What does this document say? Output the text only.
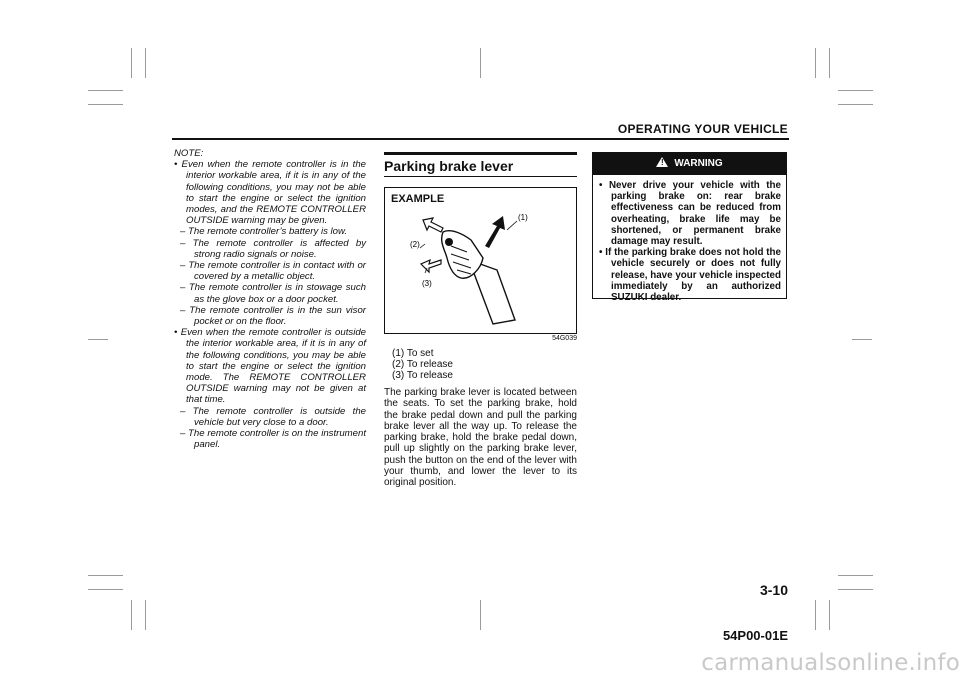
OPERATING YOUR VEHICLE

NOTE:

• Even when the remote controller is in the interior workable area, if it is in any of the following conditions, you may not be able to start the engine or select the ignition modes, and the REMOTE CONTROLLER OUTSIDE warning may be given.

– The remote controller’s battery is low.

– The remote controller is affected by strong radio signals or noise.

– The remote controller is in contact with or covered by a metallic object.

– The remote controller is in stowage such as the glove box or a door pocket.

– The remote controller is in the sun visor pocket or on the floor.

• Even when the remote controller is outside the interior workable area, if it is in any of the following conditions, you may be able to start the engine or select the ignition mode. The REMOTE CONTROLLER OUTSIDE warning may not be given at that time.

– The remote controller is outside the vehicle but very close to a door.

– The remote controller is on the instrument panel.

Parking brake lever
EXAMPLE
(1)
(2)
(3)
54G039
(1) To set
(2) To release
(3) To release
The parking brake lever is located between the seats. To set the parking brake, hold the brake pedal down and pull the parking brake lever all the way up. To release the parking brake, hold the brake pedal down, pull up slightly on the parking brake lever, push the button on the end of the lever with your thumb, and lower the lever to its original position.
! WARNING

• Never drive your vehicle with the parking brake on: rear brake effectiveness can be reduced from overheating, brake life may be shortened, or permanent brake damage may result.

• If the parking brake does not hold the vehicle securely or does not fully release, have your vehicle inspected immediately by an authorized SUZUKI dealer.

3-10
54P00-01E
carmanualsonline.info
